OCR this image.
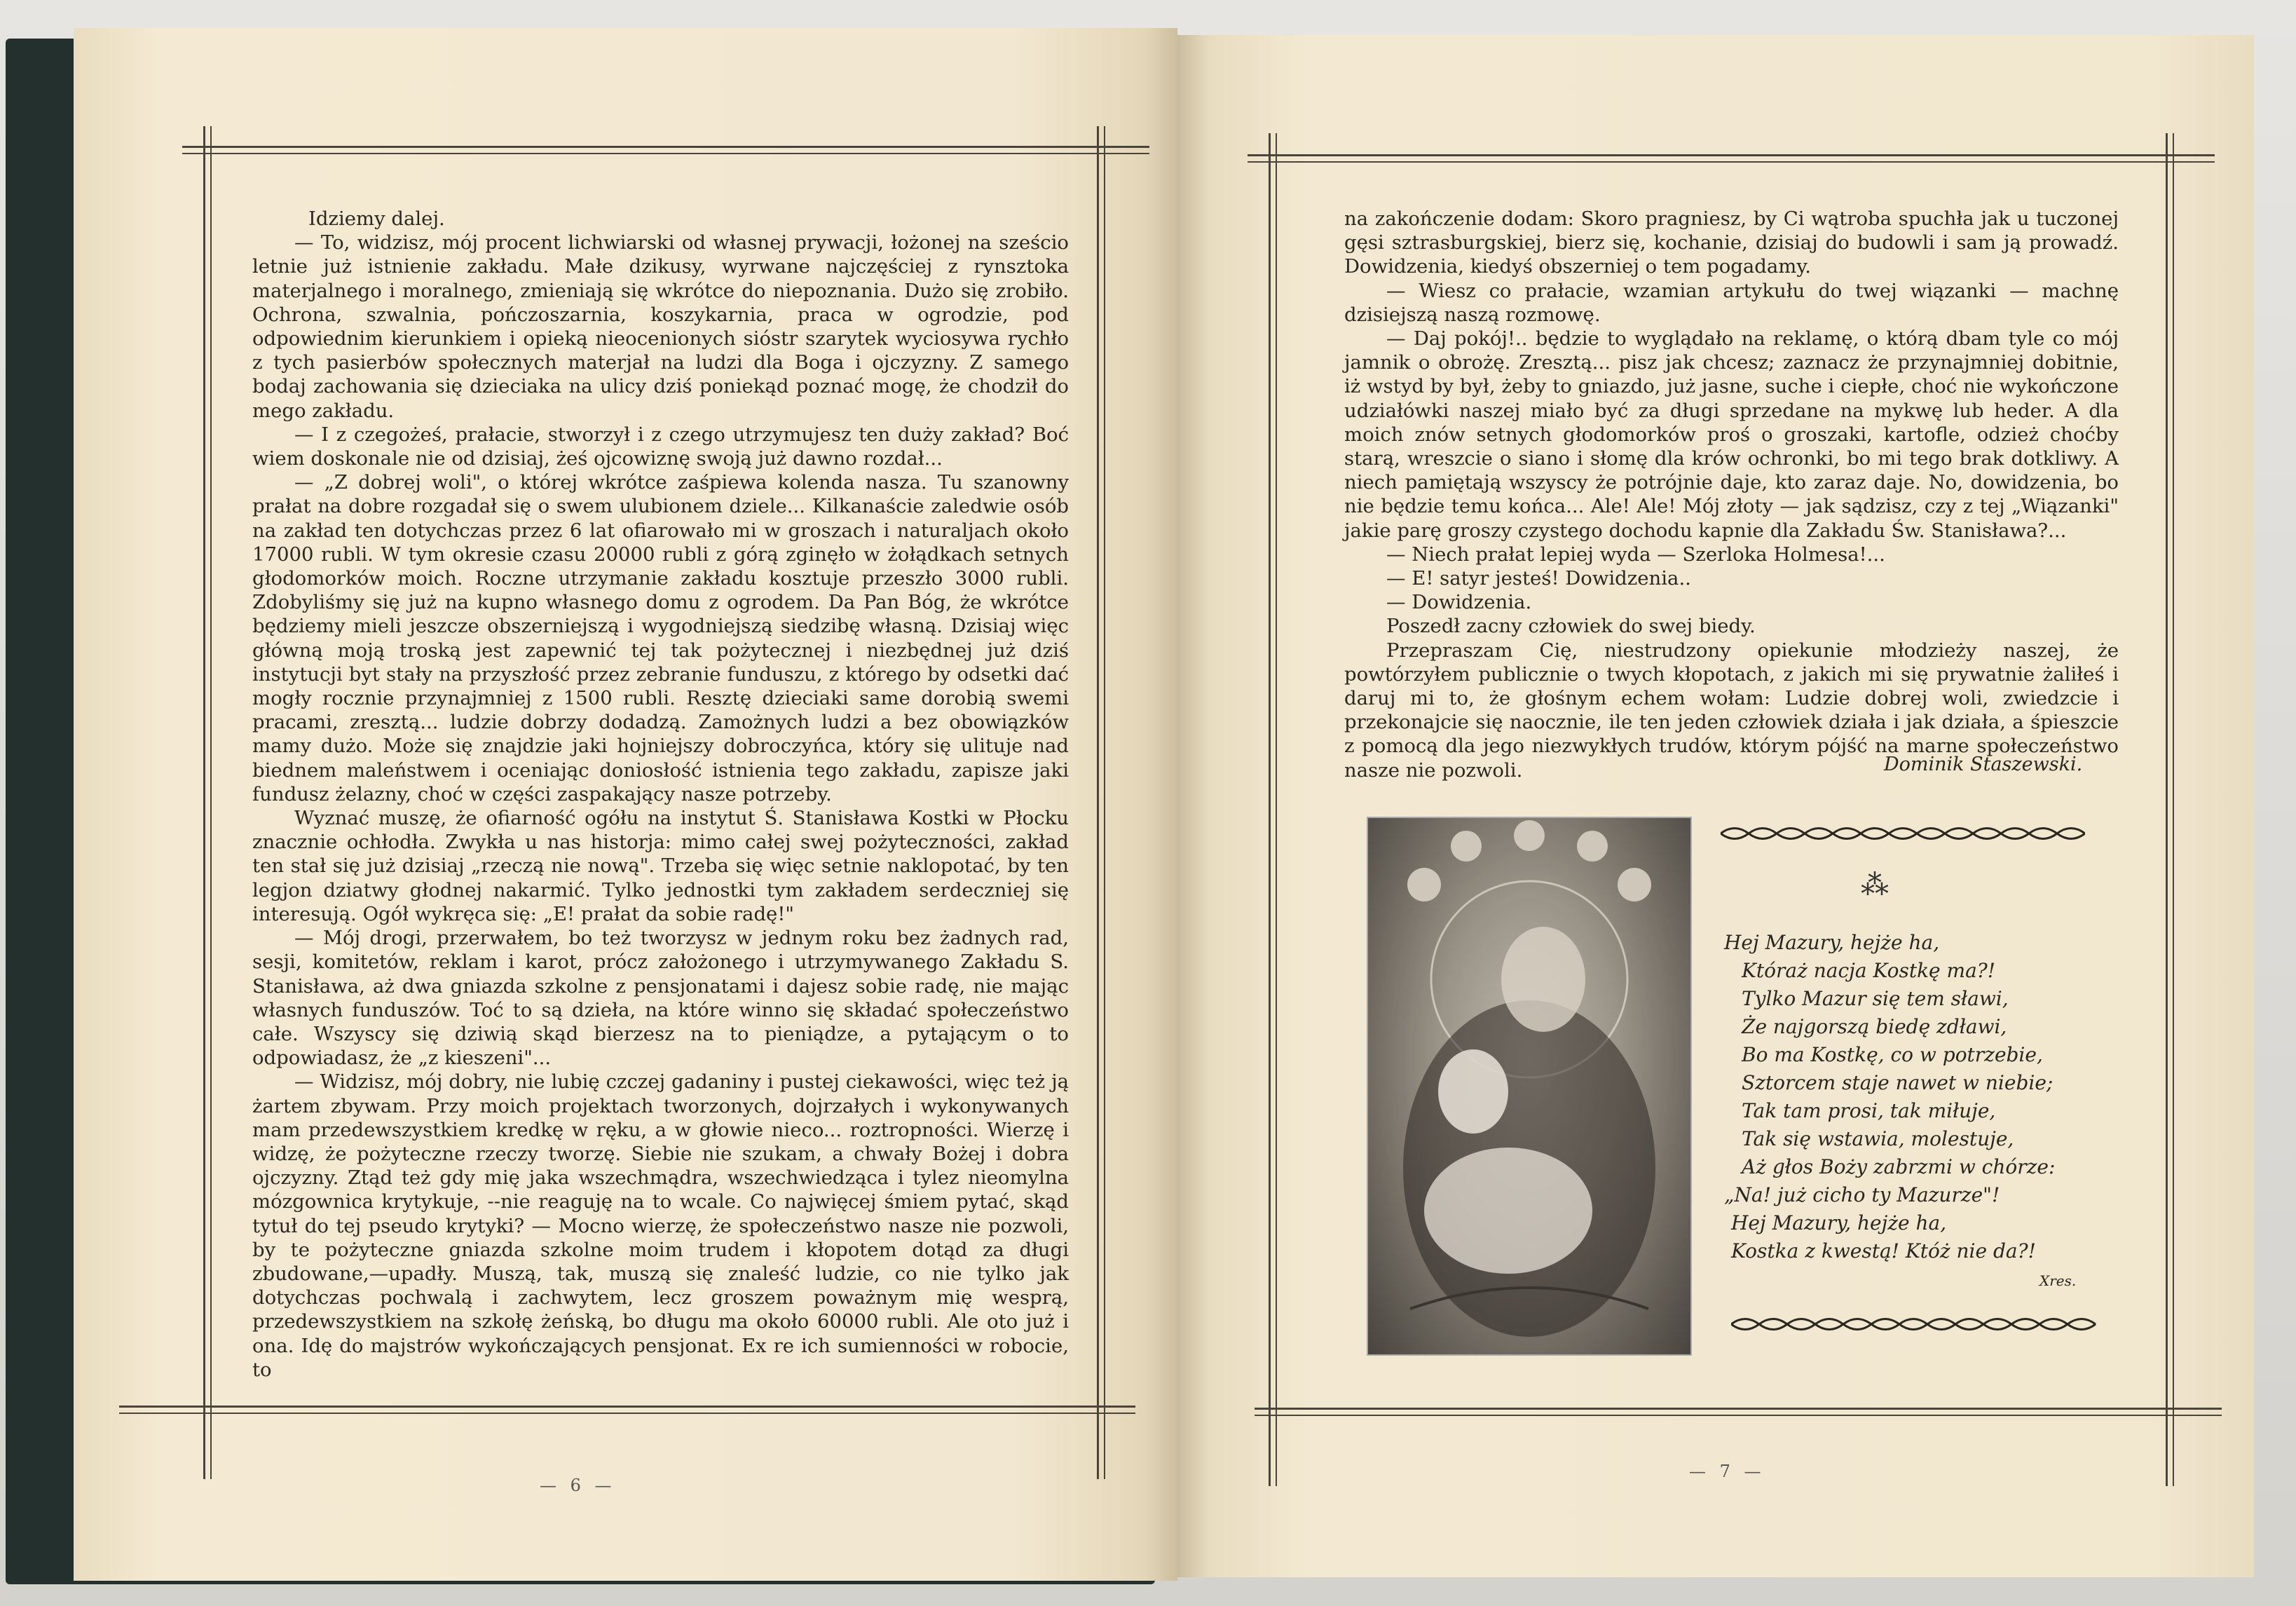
Idziemy dalej.

— To, widzisz, mój procent lichwiarski od własnej prywacji, łożonej na sześcio letnie już istnienie zakładu. Małe dzikusy, wyrwane najczęściej z rynsztoka materjalnego i moralnego, zmieniają się wkrótce do niepoznania. Dużo się zrobiło. Ochrona, szwalnia, pończoszarnia, koszykarnia, praca w ogrodzie, pod odpowiednim kierunkiem i opieką nieocenionych sióstr szarytek wyciosywa rychło z tych pasierbów społecznych materjał na ludzi dla Boga i ojczyzny. Z samego bodaj zachowania się dzieciaka na ulicy dziś poniekąd poznać mogę, że chodził do mego zakładu.

— I z czegożeś, prałacie, stworzył i z czego utrzymujesz ten duży zakład? Boć wiem doskonale nie od dzisiaj, żeś ojcowiznę swoją już dawno rozdał...

— „Z dobrej woli", o której wkrótce zaśpiewa kolenda nasza. Tu szanowny prałat na dobre rozgadał się o swem ulubionem dziele... Kilkanaście zaledwie osób na zakład ten dotychczas przez 6 lat ofiarowało mi w groszach i naturaljach około 17000 rubli. W tym okresie czasu 20000 rubli z górą zginęło w żołądkach setnych głodomorków moich. Roczne utrzymanie zakładu kosztuje przeszło 3000 rubli. Zdobyliśmy się już na kupno własnego domu z ogrodem. Da Pan Bóg, że wkrótce będziemy mieli jeszcze obszerniejszą i wygodniejszą siedzibę własną. Dzisiaj więc główną moją troską jest zapewnić tej tak pożytecznej i niezbędnej już dziś instytucji byt stały na przyszłość przez zebranie funduszu, z którego by odsetki dać mogły rocznie przynajmniej z 1500 rubli. Resztę dzieciaki same dorobią swemi pracami, zresztą... ludzie dobrzy dodadzą. Zamożnych ludzi a bez obowiązków mamy dużo. Może się znajdzie jaki hojniejszy dobroczyńca, który się ulituje nad biednem maleństwem i oceniając doniosłość istnienia tego zakładu, zapisze jaki fundusz żelazny, choć w części zaspakający nasze potrzeby.

Wyznać muszę, że ofiarność ogółu na instytut Ś. Stanisława Kostki w Płocku znacznie ochłodła. Zwykła u nas historja: mimo całej swej pożyteczności, zakład ten stał się już dzisiaj „rzeczą nie nową". Trzeba się więc setnie naklopotać, by ten legjon dziatwy głodnej nakarmić. Tylko jednostki tym zakładem serdeczniej się interesują. Ogół wykręca się: „E! prałat da sobie radę!"

— Mój drogi, przerwałem, bo też tworzysz w jednym roku bez żadnych rad, sesji, komitetów, reklam i karot, prócz założonego i utrzymywanego Zakładu S. Stanisława, aż dwa gniazda szkolne z pensjonatami i dajesz sobie radę, nie mając własnych funduszów. Toć to są dzieła, na które winno się składać społeczeństwo całe. Wszyscy się dziwią skąd bierzesz na to pieniądze, a pytającym o to odpowiadasz, że „z kieszeni"...

— Widzisz, mój dobry, nie lubię czczej gadaniny i pustej ciekawości, więc też ją żartem zbywam. Przy moich projektach tworzonych, dojrzałych i wykonywanych mam przedewszystkiem kredkę w ręku, a w głowie nieco... roztropności. Wierzę i widzę, że pożyteczne rzeczy tworzę. Siebie nie szukam, a chwały Bożej i dobra ojczyzny. Ztąd też gdy mię jaka wszechmądra, wszechwiedząca i tylez nieomylna mózgownica krytykuje, --nie reaguję na to wcale. Co najwięcej śmiem pytać, skąd tytuł do tej pseudo krytyki? — Mocno wierzę, że społeczeństwo nasze nie pozwoli, by te pożyteczne gniazda szkolne moim trudem i kłopotem dotąd za długi zbudowane,—upadły. Muszą, tak, muszą się znaleść ludzie, co nie tylko jak dotychczas pochwalą i zachwytem, lecz groszem poważnym mię wesprą, przedewszystkiem na szkołę żeńską, bo długu ma około 60000 rubli. Ale oto już i ona. Idę do majstrów wykończających pensjonat. Ex re ich sumienności w robocie, to

— 6 —

na zakończenie dodam: Skoro pragniesz, by Ci wątroba spuchła jak u tuczonej gęsi sztrasburgskiej, bierz się, kochanie, dzisiaj do budowli i sam ją prowadź. Dowidzenia, kiedyś obszerniej o tem pogadamy.

— Wiesz co prałacie, wzamian artykułu do twej wiązanki — machnę dzisiejszą naszą rozmowę.

— Daj pokój!.. będzie to wyglądało na reklamę, o którą dbam tyle co mój jamnik o obrożę. Zresztą... pisz jak chcesz; zaznacz że przynajmniej dobitnie, iż wstyd by był, żeby to gniazdo, już jasne, suche i ciepłe, choć nie wykończone udziałówki naszej miało być za długi sprzedane na mykwę lub heder. A dla moich znów setnych głodomorków proś o groszaki, kartofle, odzież choćby starą, wreszcie o siano i słomę dla krów ochronki, bo mi tego brak dotkliwy. A niech pamiętają wszyscy że potrójnie daje, kto zaraz daje. No, dowidzenia, bo nie będzie temu końca... Ale! Ale! Mój złoty — jak sądzisz, czy z tej „Wiązanki" jakie parę groszy czystego dochodu kapnie dla Zakładu Św. Stanisława?...

— Niech prałat lepiej wyda — Szerloka Holmesa!...

— E! satyr jesteś! Dowidzenia..

— Dowidzenia.

Poszedł zacny człowiek do swej biedy.

Przepraszam Cię, niestrudzony opiekunie młodzieży naszej, że powtórzyłem publicznie o twych kłopotach, z jakich mi się prywatnie żaliłeś i daruj mi to, że głośnym echem wołam: Ludzie dobrej woli, zwiedzcie i przekonajcie się naocznie, ile ten jeden człowiek działa i jak działa, a śpieszcie z pomocą dla jego niezwykłych trudów, którym pójść na marne społeczeństwo nasze nie pozwoli.	Dominik Staszewski.
⁂
Hej Mazury, hejże ha,
Któraż nacja Kostkę ma?!
Tylko Mazur się tem sławi,
Że najgorszą biedę zdławi,
Bo ma Kostkę, co w potrzebie,
Sztorcem staje nawet w niebie;
Tak tam prosi, tak miłuje,
Tak się wstawia, molestuje,
Aż głos Boży zabrzmi w chórze:
„Na! już cicho ty Mazurze"!
Hej Mazury, hejże ha,
Kostka z kwestą! Któż nie da?!
Xres.
— 7 —
